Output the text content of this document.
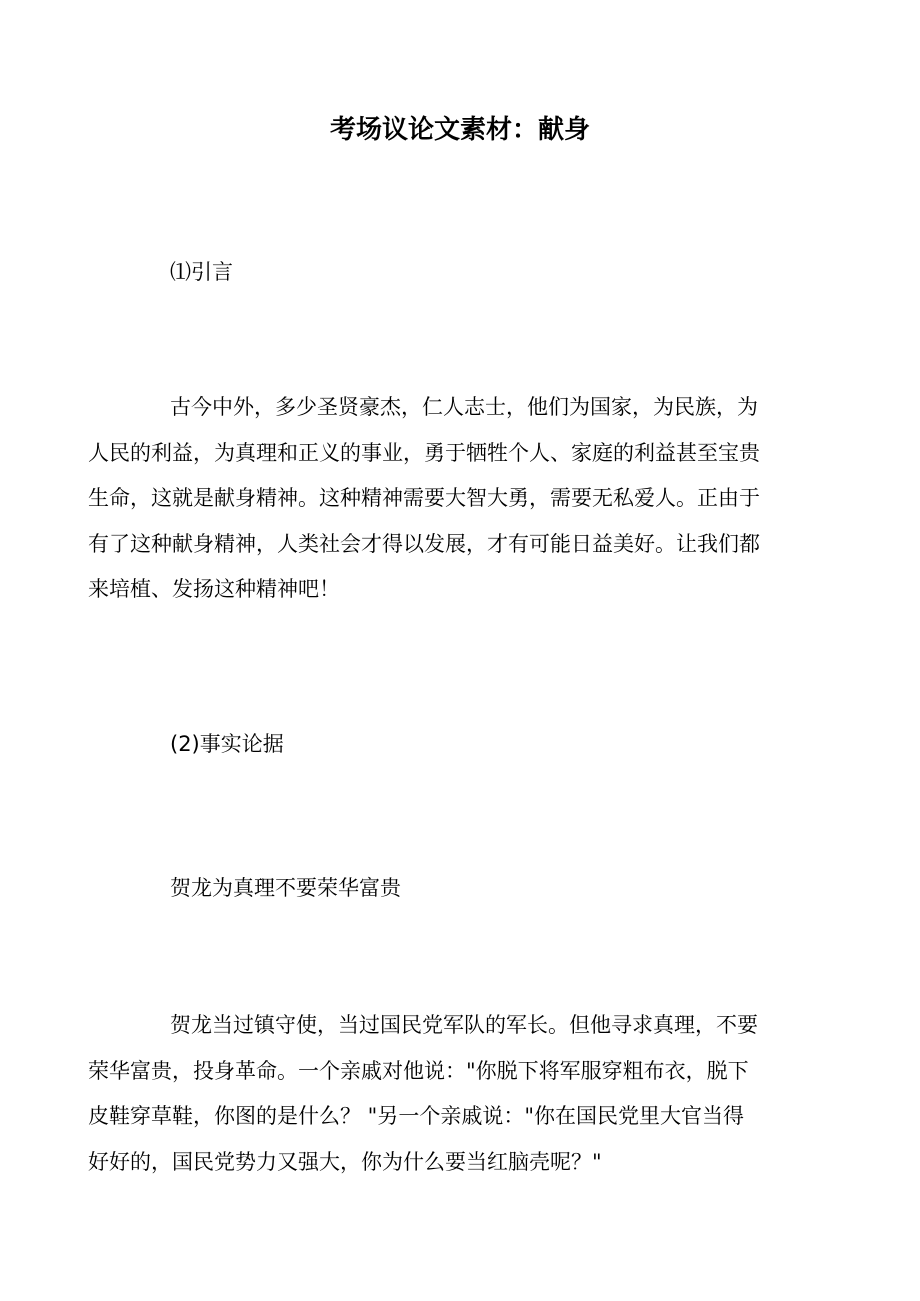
考场议论文素材：献身

⑴引言

古今中外，多少圣贤豪杰，仁人志士，他们为国家，为民族，为
人民的利益，为真理和正义的事业，勇于牺牲个人、家庭的利益甚至宝贵
生命，这就是献身精神。这种精神需要大智大勇，需要无私爱人。正由于
有了这种献身精神，人类社会才得以发展，才有可能日益美好。让我们都
来培植、发扬这种精神吧！

(2)事实论据

贺龙为真理不要荣华富贵

贺龙当过镇守使，当过国民党军队的军长。但他寻求真理，不要
荣华富贵，投身革命。一个亲戚对他说："你脱下将军服穿粗布衣，脱下
皮鞋穿草鞋，你图的是什么？ "另一个亲戚说："你在国民党里大官当得
好好的，国民党势力又强大，你为什么要当红脑壳呢？"
